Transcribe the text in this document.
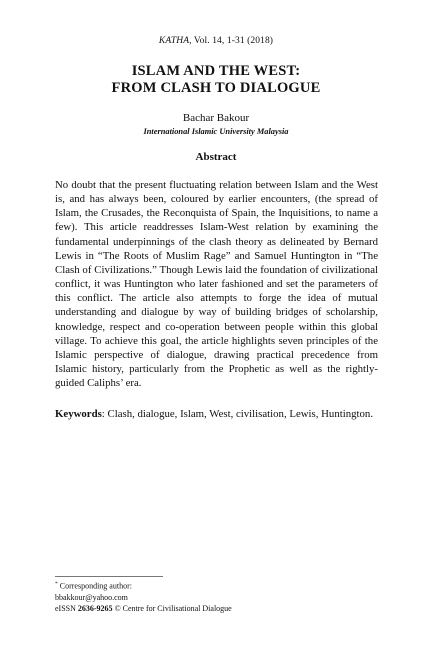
KATHA, Vol. 14, 1-31 (2018)
ISLAM AND THE WEST:
FROM CLASH TO DIALOGUE
Bachar Bakour
International Islamic University Malaysia
Abstract
No doubt that the present fluctuating relation between Islam and the West is, and has always been, coloured by earlier encounters, (the spread of Islam, the Crusades, the Reconquista of Spain, the Inquisitions, to name a few). This article readdresses Islam-West relation by examining the fundamental underpinnings of the clash theory as delineated by Bernard Lewis in “The Roots of Muslim Rage” and Samuel Huntington in “The Clash of Civilizations.” Though Lewis laid the foundation of civilizational conflict, it was Huntington who later fashioned and set the parameters of this conflict. The article also attempts to forge the idea of mutual understanding and dialogue by way of building bridges of scholarship, knowledge, respect and co-operation between people within this global village. To achieve this goal, the article highlights seven principles of the Islamic perspective of dialogue, drawing practical precedence from Islamic history, particularly from the Prophetic as well as the rightly-guided Caliphs’ era.
Keywords: Clash, dialogue, Islam, West, civilisation, Lewis, Huntington.
* Corresponding author:
bbakkour@yahoo.com
eISSN 2636-9265 © Centre for Civilisational Dialogue
